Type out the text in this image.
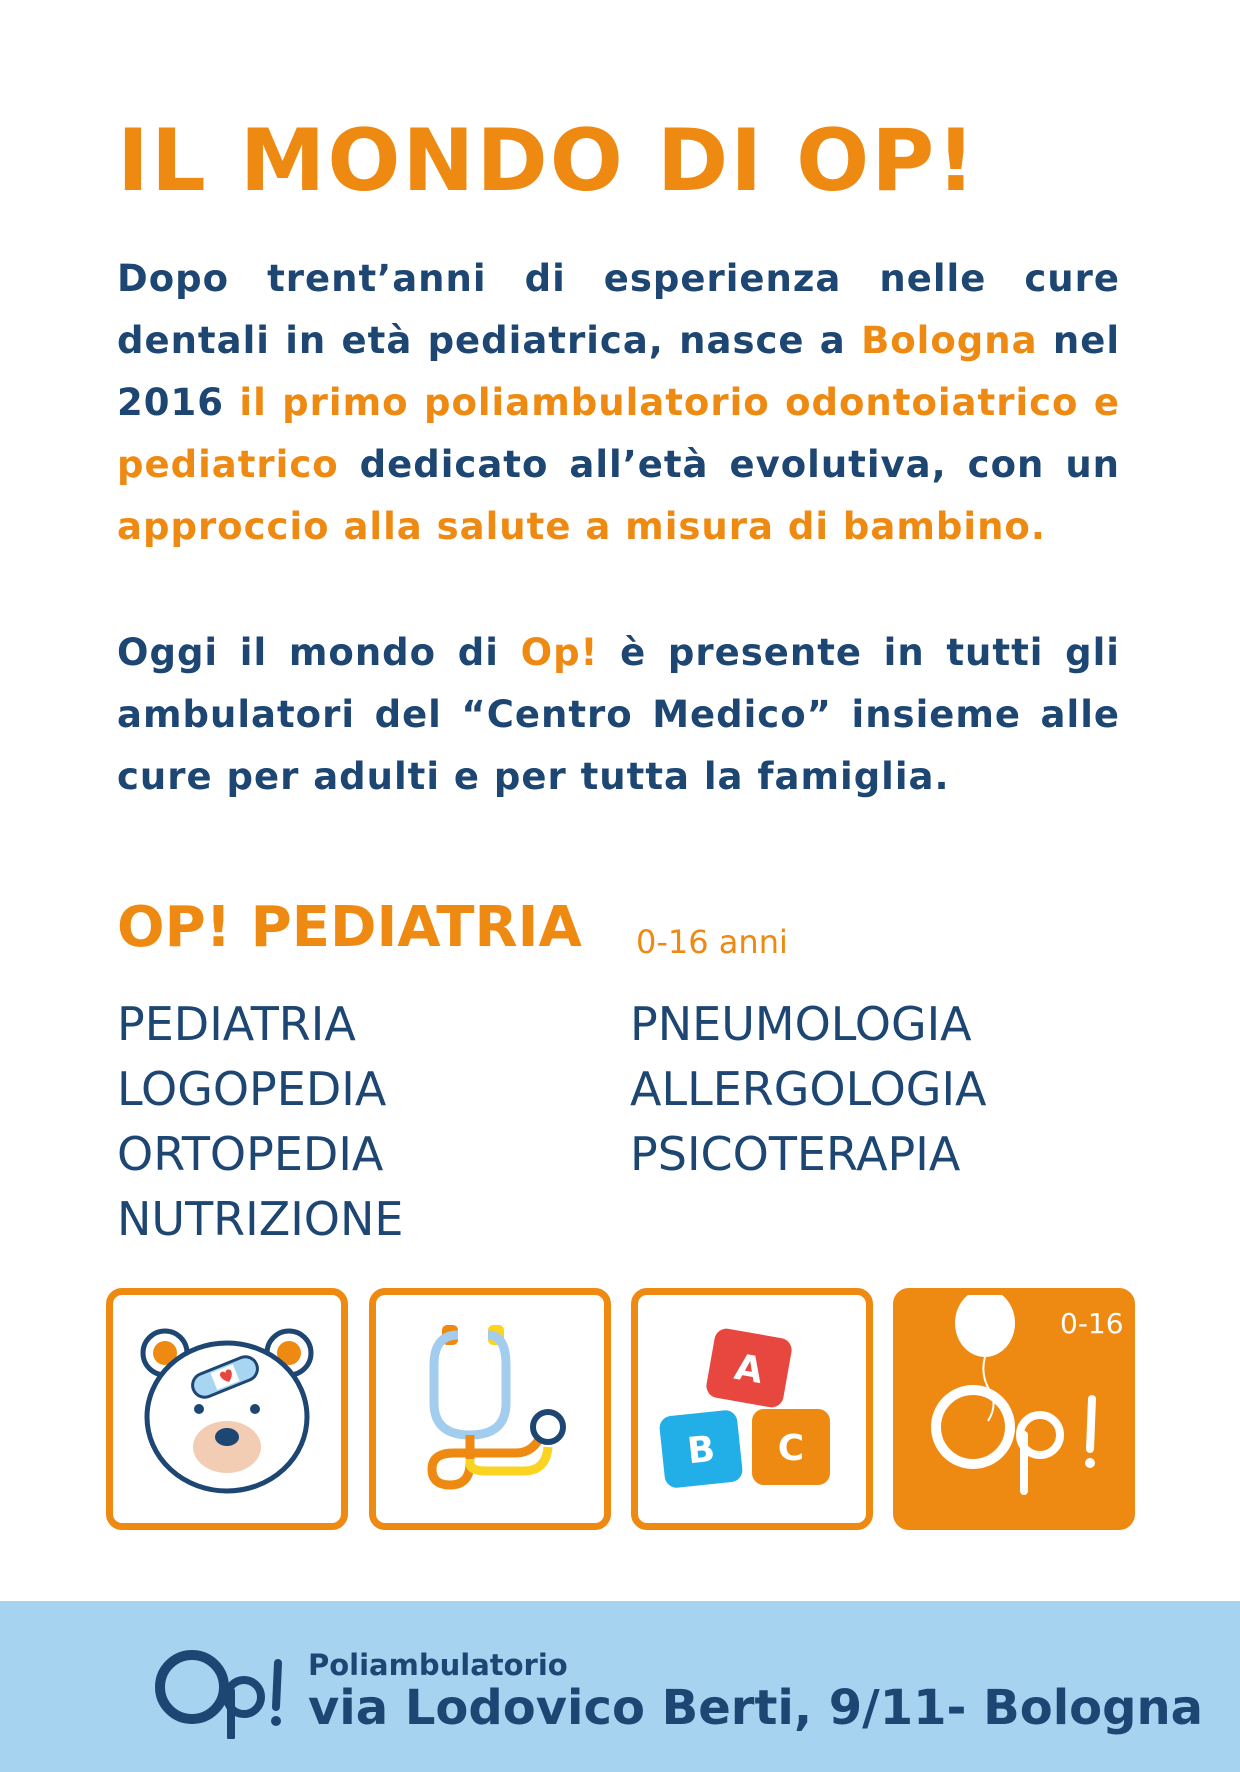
IL MONDO DI OP!

Dopo trent’anni di esperienza nelle cure dentali in età pediatrica, nasce a Bologna nel 2016 il primo poliambulatorio odontoiatrico e pediatrico dedicato all’età evolutiva, con un approccio alla salute a misura di bambino.

Oggi il mondo di Op! è presente in tutti gli ambulatori del “Centro Medico” insieme alle cure per adulti e per tutta la famiglia.

OP! PEDIATRIA 0-16 anni
PEDIATRIA
LOGOPEDIA
ORTOPEDIA
NUTRIZIONE
PNEUMOLOGIA
ALLERGOLOGIA
PSICOTERAPIA
A
B C
0-16
Poliambulatorio
via Lodovico Berti, 9/11- Bologna
